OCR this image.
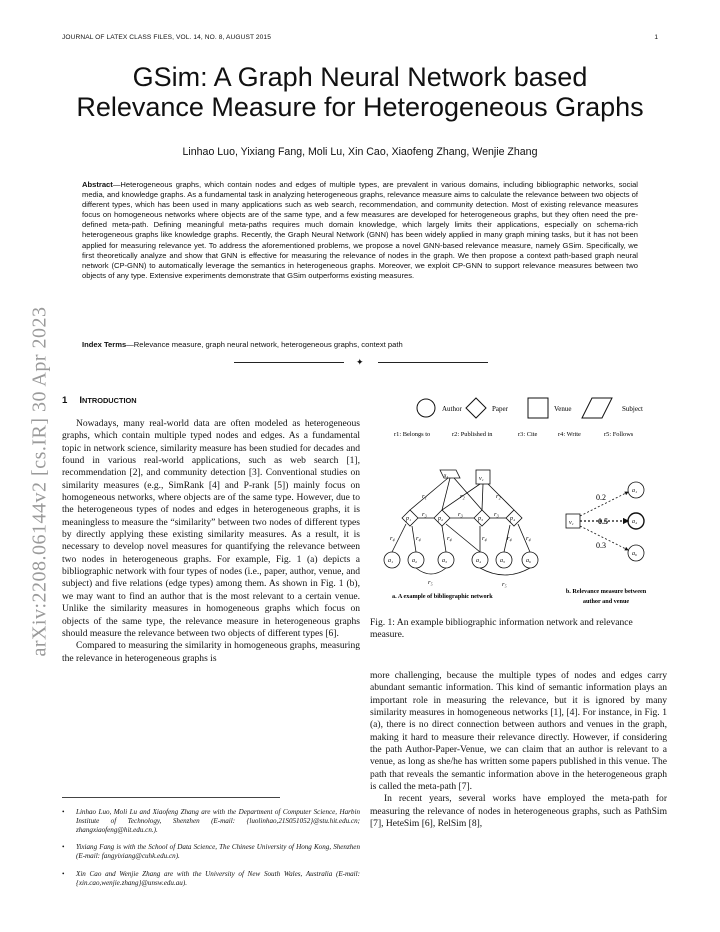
JOURNAL OF LATEX CLASS FILES, VOL. 14, NO. 8, AUGUST 2015	1
GSim: A Graph Neural Network based
Relevance Measure for Heterogeneous Graphs
Linhao Luo, Yixiang Fang, Moli Lu, Xin Cao, Xiaofeng Zhang, Wenjie Zhang
Abstract—Heterogeneous graphs, which contain nodes and edges of multiple types, are prevalent in various domains, including bibliographic networks, social media, and knowledge graphs. As a fundamental task in analyzing heterogeneous graphs, relevance measure aims to calculate the relevance between two objects of different types, which has been used in many applications such as web search, recommendation, and community detection. Most of existing relevance measures focus on homogeneous networks where objects are of the same type, and a few measures are developed for heterogeneous graphs, but they often need the pre-defined meta-path. Defining meaningful meta-paths requires much domain knowledge, which largely limits their applications, especially on schema-rich heterogeneous graphs like knowledge graphs. Recently, the Graph Neural Network (GNN) has been widely applied in many graph mining tasks, but it has not been applied for measuring relevance yet. To address the aforementioned problems, we propose a novel GNN-based relevance measure, namely GSim. Specifically, we first theoretically analyze and show that GNN is effective for measuring the relevance of nodes in the graph. We then propose a context path-based graph neural network (CP-GNN) to automatically leverage the semantics in heterogeneous graphs. Moreover, we exploit CP-GNN to support relevance measures between two objects of any type. Extensive experiments demonstrate that GSim outperforms existing measures.
Index Terms—Relevance measure, graph neural network, heterogeneous graphs, context path
✦
arXiv:2208.06144v2 [cs.IR] 30 Apr 2023 1 INTRODUCTION

Nowadays, many real-world data are often modeled as heterogeneous graphs, which contain multiple typed nodes and edges. As a fundamental topic in network science, similarity measure has been studied for decades and found in various real-world applications, such as web search [1], recommendation [2], and community detection [3]. Conventional studies on similarity measures (e.g., SimRank [4] and P-rank [5]) mainly focus on homogeneous networks, where objects are of the same type. However, due to the heterogeneous types of nodes and edges in heterogeneous graphs, it is meaningless to measure the “similarity” between two nodes of different types by directly applying these existing similarity measures. As a result, it is necessary to develop novel measures for quantifying the relevance between two nodes in heterogeneous graphs. For example, Fig. 1 (a) depicts a bibliographic network with four types of nodes (i.e., paper, author, venue, and subject) and five relations (edge types) among them. As shown in Fig. 1 (b), we may want to find an author that is the most relevant to a certain venue. Unlike the similarity measures in homogeneous graphs which focus on objects of the same type, the relevance measure in heterogeneous graphs should measure the relevance between two objects of different types [6].

Compared to measuring the similarity in homogeneous graphs, measuring the relevance in heterogeneous graphs is

• Linhao Luo, Moli Lu and Xiaofeng Zhang are with the Department of Computer Science, Harbin Institute of Technology, Shenzhen (E-mail: {luolinhao,21S051052}@stu.hit.edu.cn; zhangxiaofeng@hit.edu.cn.).
• Yixiang Fang is with the School of Data Science, The Chinese University of Hong Kong, Shenzhen (E-mail: fangyixiang@cuhk.edu.cn).
• Xin Cao and Wenjie Zhang are with the University of New South Wales, Australia (E-mail: {xin.cao,wenjie.zhang}@unsw.edu.au).
Author	Paper	Venue	Subject
r1: Belongs to	r2: Published in	r3: Cite	r4: Write	r5: Follows
s₁	v₁
p₁	p₂	p₃	p₄
a₁	a₂	a₃	a₄	a₅	a₆
r₁	r₂	r₂
r₃	r₃	r₃
r₄	r₄	r₄	r₄	r₄ r₄
r₅	r₅
a. A example of bibliographic network
v₁
a₁
a₄
a₆
0.2
0.5
0.3
b. Relevance measure between
author and venue
Fig. 1: An example bibliographic information network and relevance measure.

more challenging, because the multiple types of nodes and edges carry abundant semantic information. This kind of semantic information plays an important role in measuring the relevance, but it is ignored by many similarity measures in homogeneous networks [1], [4]. For instance, in Fig. 1 (a), there is no direct connection between authors and venues in the graph, making it hard to measure their relevance directly. However, if considering the path Author-Paper-Venue, we can claim that an author is relevant to a venue, as long as she/he has written some papers published in this venue. The path that reveals the semantic information above in the heterogeneous graph is called the meta-path [7].

In recent years, several works have employed the meta-path for measuring the relevance of nodes in heterogeneous graphs, such as PathSim [7], HeteSim [6], RelSim [8],
